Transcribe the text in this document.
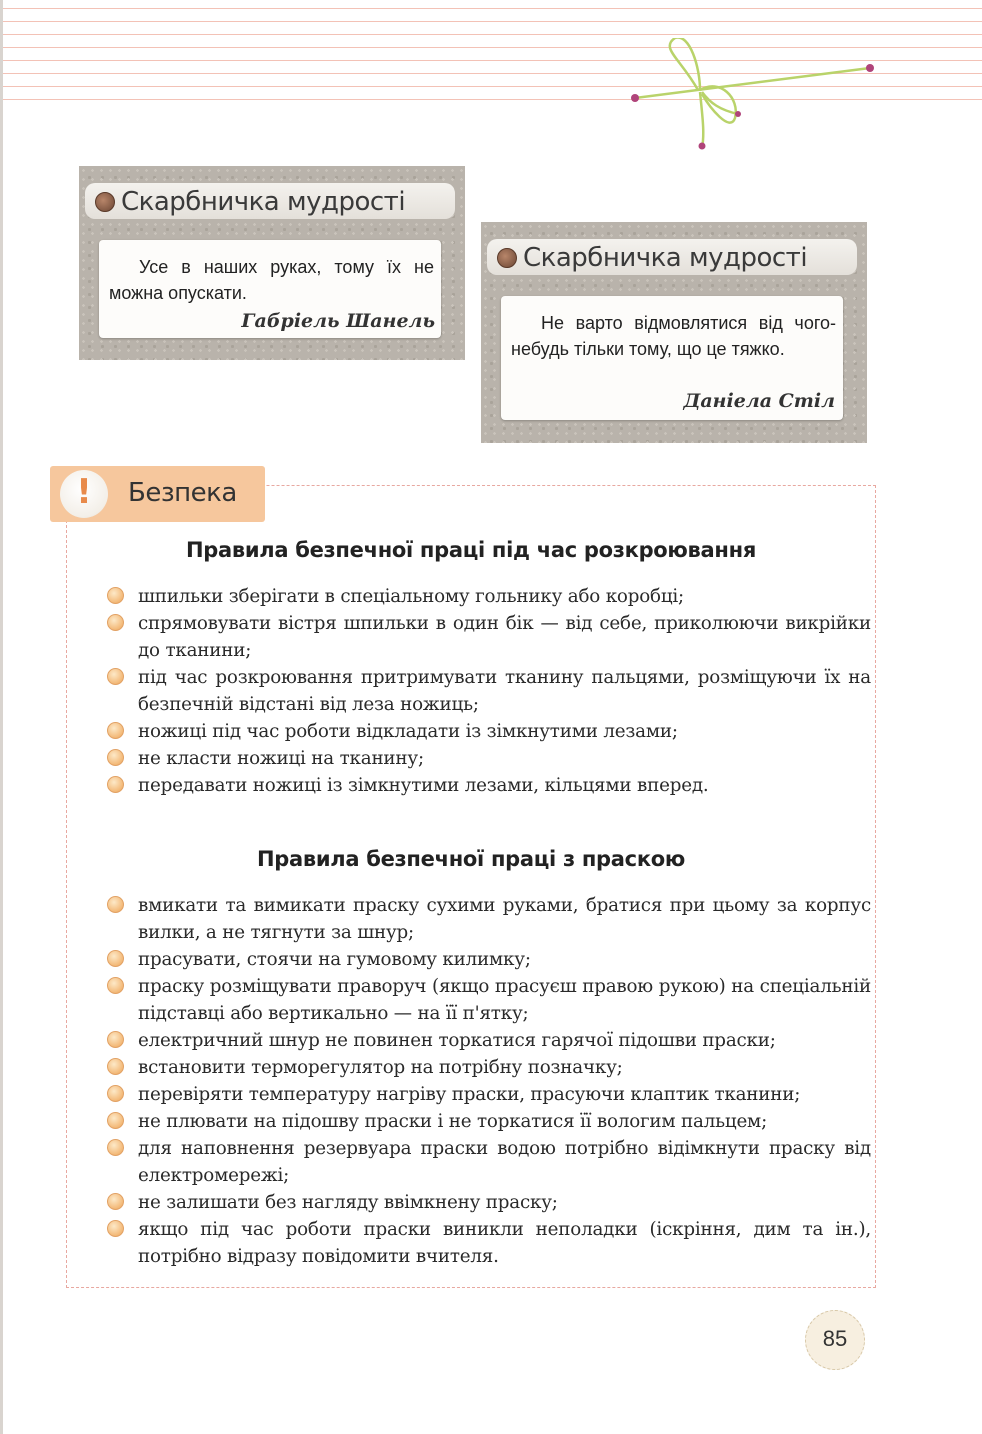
Скарбничка мудрості
Усе в наших руках, тому їх не можна опускати.
Габріель Шанель
Скарбничка мудрості
Не варто відмовлятися від чого-небудь тільки тому, що це тяжко.
Даніела Стіл
!	Безпека
Правила безпечної праці під час розкроювання
шпильки зберігати в спеціальному гольнику або коробці;
спрямовувати вістря шпильки в один бік — від себе, приколюючи викрійки до тканини;
під час розкроювання притримувати тканину пальцями, розміщуючи їх на безпечній відстані від леза ножиць;
ножиці під час роботи відкладати із зімкнутими лезами;
не класти ножиці на тканину;
передавати ножиці із зімкнутими лезами, кільцями вперед.
Правила безпечної праці з праскою
вмикати та вимикати праску сухими руками, братися при цьому за корпус вилки, а не тягнути за шнур;
прасувати, стоячи на гумовому килимку;
праску розміщувати праворуч (якщо прасуєш правою рукою) на спеціальній підставці або вертикально — на її п'ятку;
електричний шнур не повинен торкатися гарячої підошви праски;
встановити терморегулятор на потрібну позначку;
перевіряти температуру нагріву праски, прасуючи клаптик тканини;
не плювати на підошву праски і не торкатися її вологим пальцем;
для наповнення резервуара праски водою потрібно відімкнути праску від електромережі;
не залишати без нагляду ввімкнену праску;
якщо під час роботи праски виникли неполадки (іскріння, дим та ін.), потрібно відразу повідомити вчителя.
85
